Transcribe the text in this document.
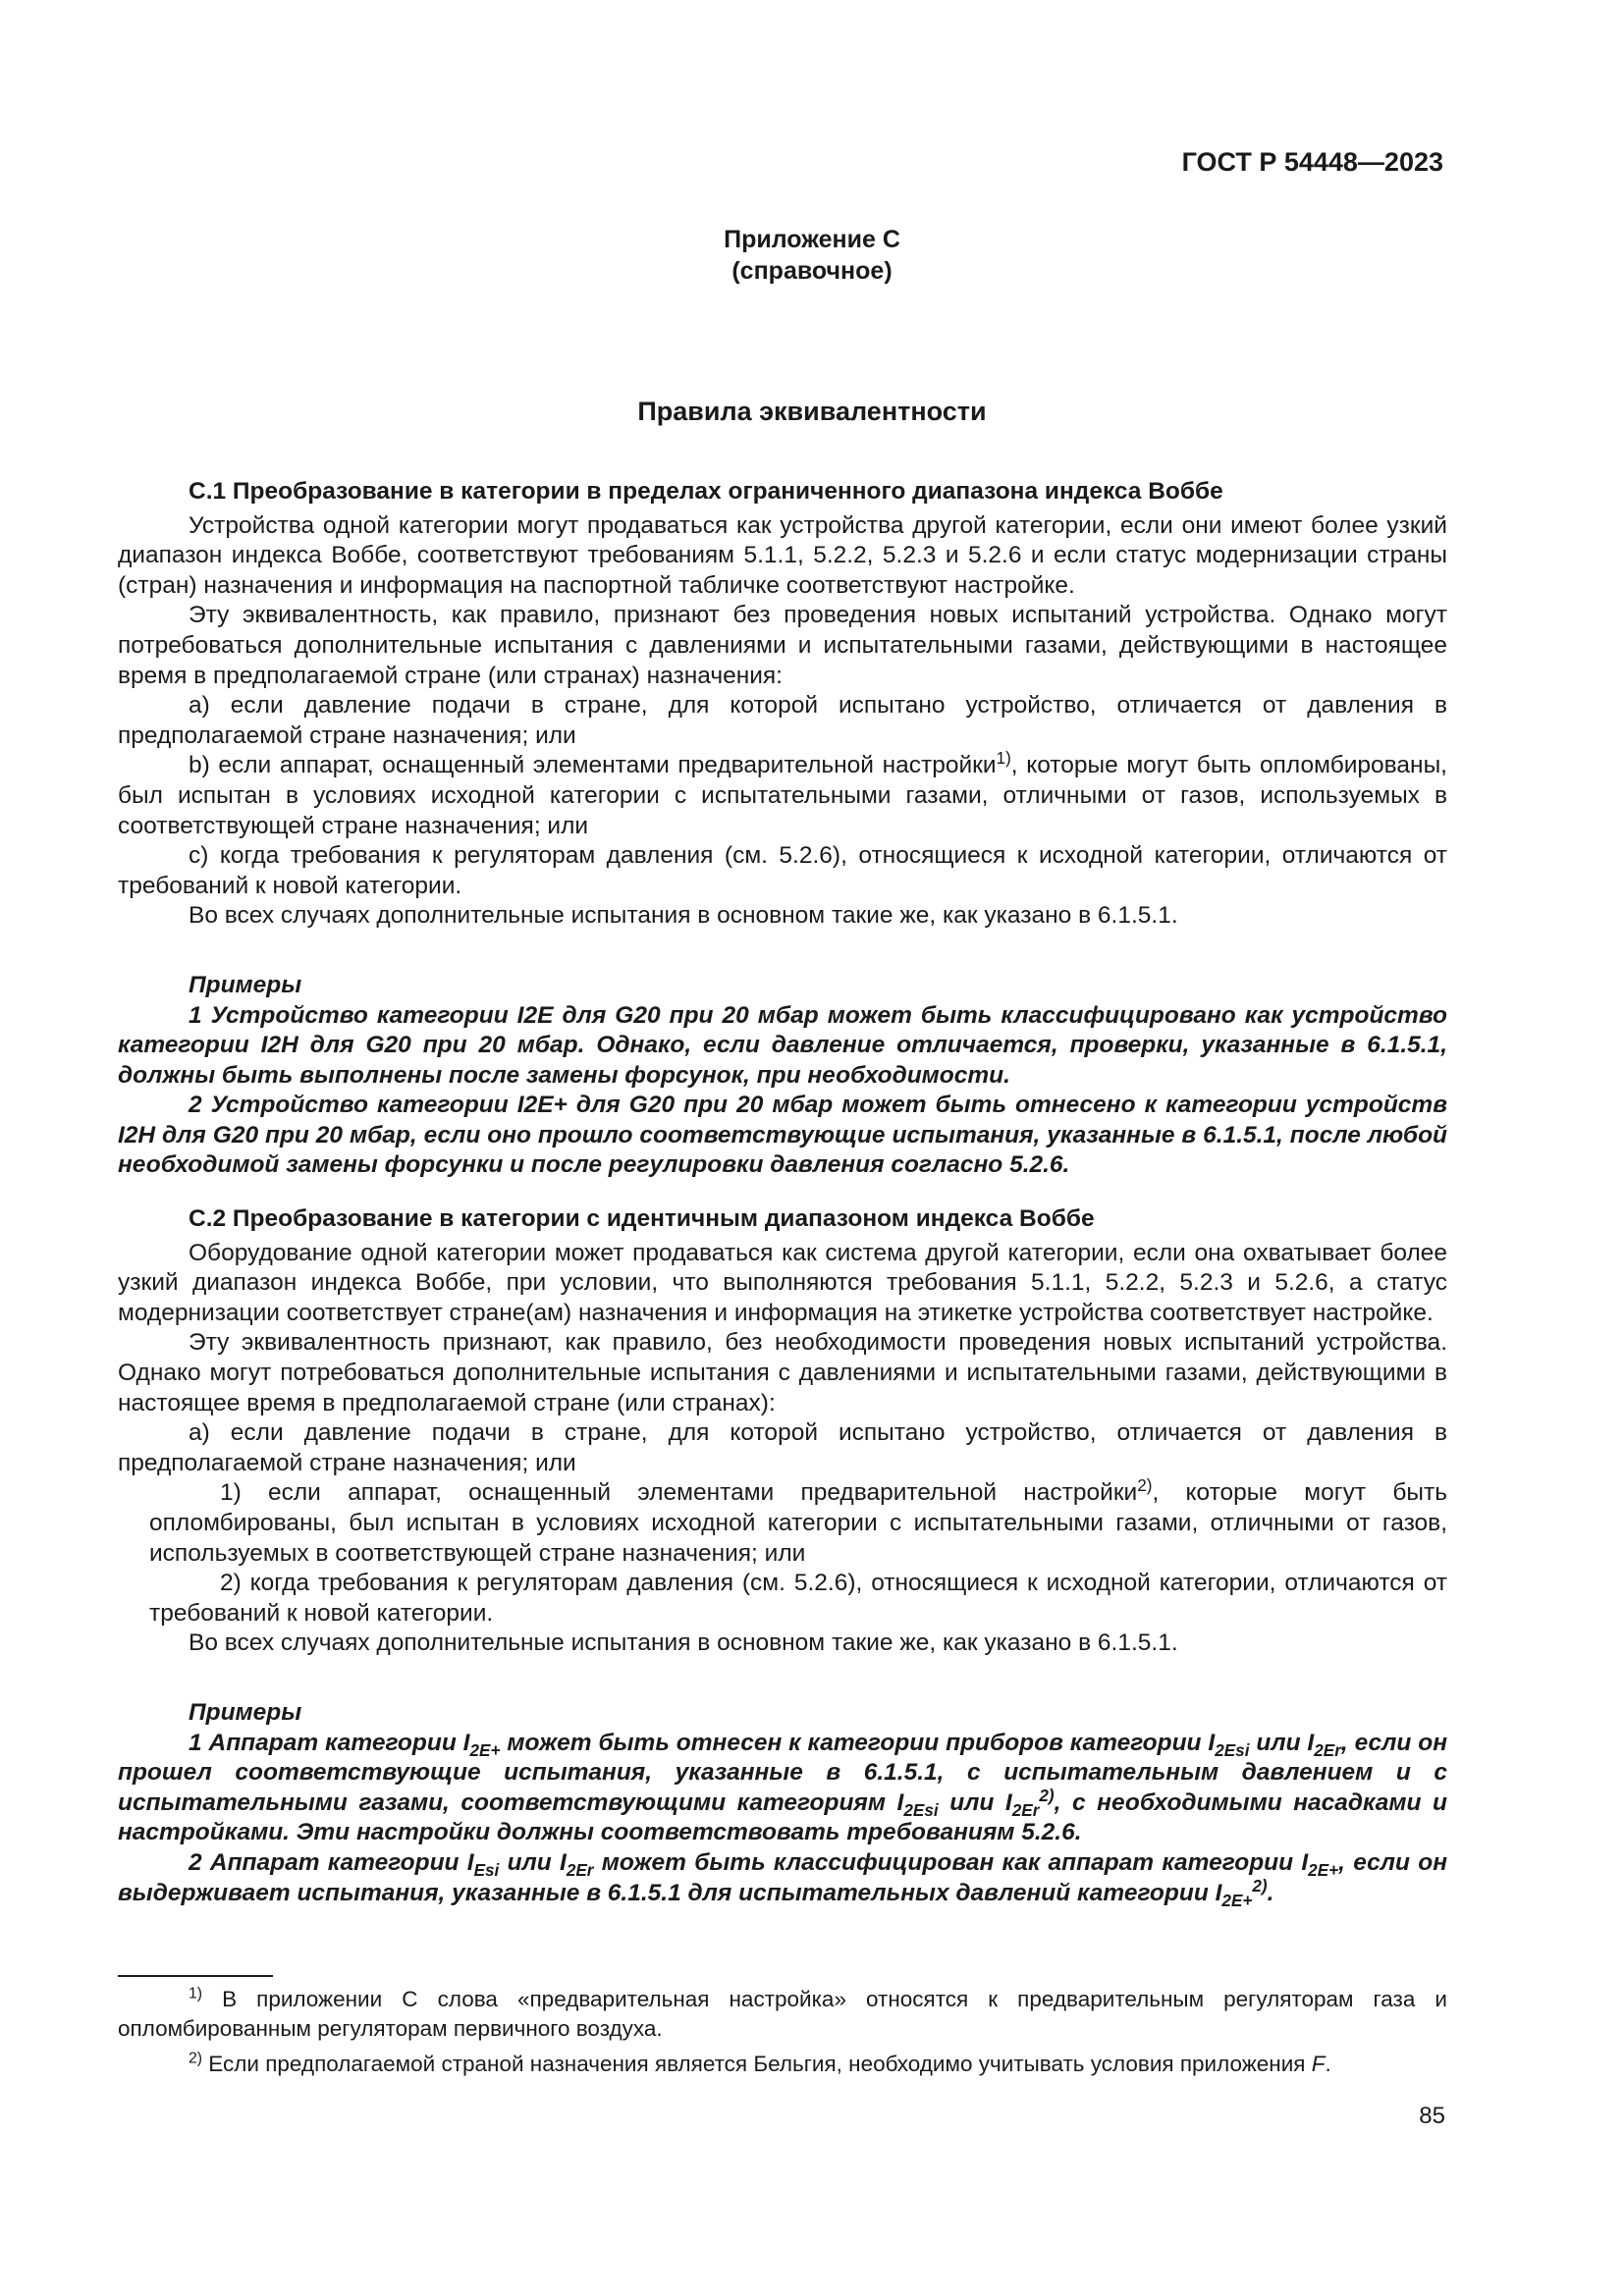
ГОСТ Р 54448—2023
Приложение С
(справочное)
Правила эквивалентности

С.1 Преобразование в категории в пределах ограниченного диапазона индекса Воббе

Устройства одной категории могут продаваться как устройства другой категории, если они имеют более узкий диапазон индекса Воббе, соответствуют требованиям 5.1.1, 5.2.2, 5.2.3 и 5.2.6 и если статус модернизации страны (стран) назначения и информация на паспортной табличке соответствуют настройке.

Эту эквивалентность, как правило, признают без проведения новых испытаний устройства. Однако могут потребоваться дополнительные испытания с давлениями и испытательными газами, действующими в настоящее время в предполагаемой стране (или странах) назначения:

a) если давление подачи в стране, для которой испытано устройство, отличается от давления в предполагаемой стране назначения; или

b) если аппарат, оснащенный элементами предварительной настройки$^{1)}$, которые могут быть опломбированы, был испытан в условиях исходной категории с испытательными газами, отличными от газов, используемых в соответствующей стране назначения; или

c) когда требования к регуляторам давления (см. 5.2.6), относящиеся к исходной категории, отличаются от требований к новой категории.

Во всех случаях дополнительные испытания в основном такие же, как указано в 6.1.5.1.

Примеры

1 Устройство категории I2E для G20 при 20 мбар может быть классифицировано как устройство категории I2H для G20 при 20 мбар. Однако, если давление отличается, проверки, указанные в 6.1.5.1, должны быть выполнены после замены форсунок, при необходимости.

2 Устройство категории I2E+ для G20 при 20 мбар может быть отнесено к категории устройств I2H для G20 при 20 мбар, если оно прошло соответствующие испытания, указанные в 6.1.5.1, после любой необходимой замены форсунки и после регулировки давления согласно 5.2.6.

С.2 Преобразование в категории с идентичным диапазоном индекса Воббе

Оборудование одной категории может продаваться как система другой категории, если она охватывает более узкий диапазон индекса Воббе, при условии, что выполняются требования 5.1.1, 5.2.2, 5.2.3 и 5.2.6, а статус модернизации соответствует стране(ам) назначения и информация на этикетке устройства соответствует настройке.

Эту эквивалентность признают, как правило, без необходимости проведения новых испытаний устройства. Однако могут потребоваться дополнительные испытания с давлениями и испытательными газами, действующими в настоящее время в предполагаемой стране (или странах):

a) если давление подачи в стране, для которой испытано устройство, отличается от давления в предполагаемой стране назначения; или

1) если аппарат, оснащенный элементами предварительной настройки$^{2)}$, которые могут быть опломбированы, был испытан в условиях исходной категории с испытательными газами, отличными от газов, используемых в соответствующей стране назначения; или

2) когда требования к регуляторам давления (см. 5.2.6), относящиеся к исходной категории, отличаются от требований к новой категории.

Во всех случаях дополнительные испытания в основном такие же, как указано в 6.1.5.1.

Примеры

1 Аппарат категории $I_{2E+}$ может быть отнесен к категории приборов категории $I_{2Esi}$ или $I_{2Er}$, если он прошел соответствующие испытания, указанные в 6.1.5.1, с испытательным давлением и с испытательными газами, соответствующими категориям $I_{2Esi}$ или $I_{2Er}^{2)}$, с необходимыми насадками и настройками. Эти настройки должны соответствовать требованиям 5.2.6.

2 Аппарат категории $I_{Esi}$ или $I_{2Er}$ может быть классифицирован как аппарат категории $I_{2E+}$, если он выдерживает испытания, указанные в 6.1.5.1 для испытательных давлений категории $I_{2E+}^{2)}$.

$^{1)}$ В приложении С слова «предварительная настройка» относятся к предварительным регуляторам газа и опломбированным регуляторам первичного воздуха.

$^{2)}$ Если предполагаемой страной назначения является Бельгия, необходимо учитывать условия приложения F.

85
